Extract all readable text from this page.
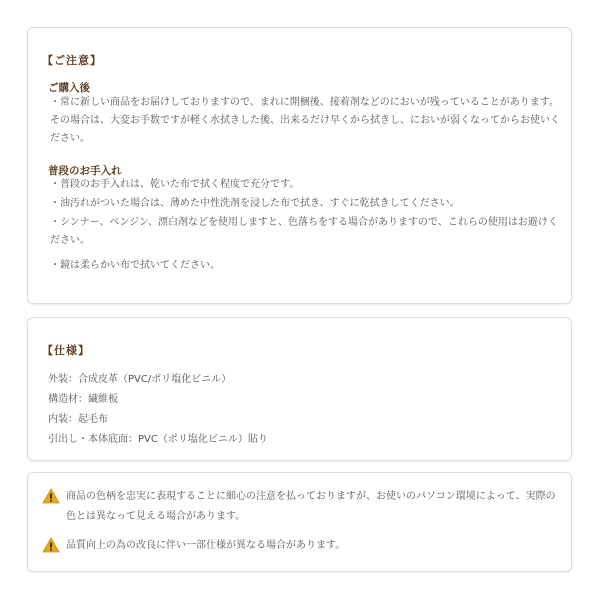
【ご注意】
ご購入後
・常に新しい商品をお届けしておりますので、まれに開梱後、接着剤などのにおいが残っていることがあります。その場合は、大変お手数ですが軽く水拭きした後、出来るだけ早くから拭きし、においが弱くなってからお使いください。
普段のお手入れ
・普段のお手入れは、乾いた布で拭く程度で充分です。
・油汚れがついた場合は、薄めた中性洗剤を浸した布で拭き、すぐに乾拭きしてください。
・シンナー、ベンジン、漂白剤などを使用しますと、色落ちをする場合がありますので、これらの使用はお避けください。
・鏡は柔らかい布で拭いてください。
【仕様】
外装：合成皮革（PVC/ポリ塩化ビニル）
構造材：繊維板
内装：起毛布
引出し・本体底面：PVC（ポリ塩化ビニル）貼り
商品の色柄を忠実に表現することに細心の注意を払っておりますが、お使いのパソコン環境によって、実際の色とは異なって見える場合があります。
品質向上の為の改良に伴い一部仕様が異なる場合があります。
